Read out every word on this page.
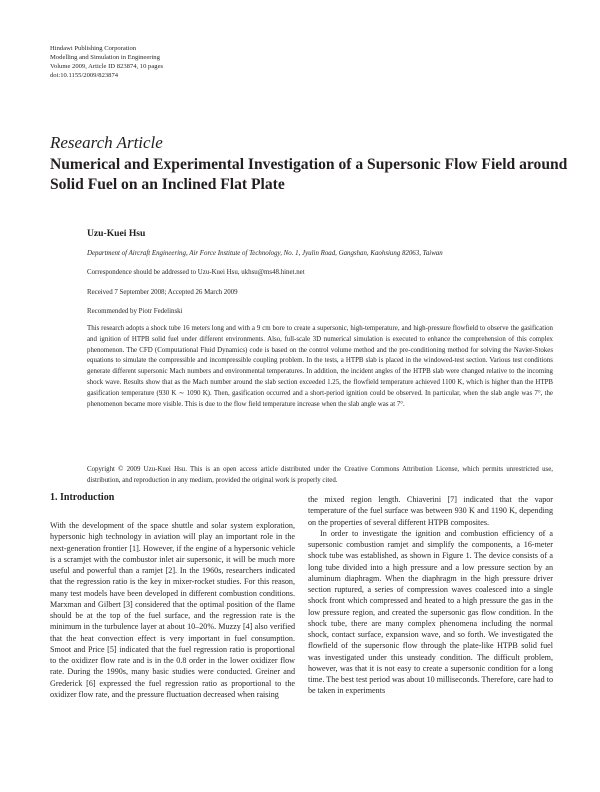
Hindawi Publishing Corporation
Modelling and Simulation in Engineering
Volume 2009, Article ID 823874, 10 pages
doi:10.1155/2009/823874
Research Article
Numerical and Experimental Investigation of a Supersonic Flow Field around Solid Fuel on an Inclined Flat Plate
Uzu-Kuei Hsu
Department of Aircraft Engineering, Air Force Institute of Technology, No. 1, Jyulin Road, Gangshan, Kaohsiung 82063, Taiwan
Correspondence should be addressed to Uzu-Kuei Hsu, ukhsu@ms48.hinet.net
Received 7 September 2008; Accepted 26 March 2009
Recommended by Piotr Fedelinski
This research adopts a shock tube 16 meters long and with a 9 cm bore to create a supersonic, high-temperature, and high-pressure flowfield to observe the gasification and ignition of HTPB solid fuel under different environments. Also, full-scale 3D numerical simulation is executed to enhance the comprehension of this complex phenomenon. The CFD (Computational Fluid Dynamics) code is based on the control volume method and the pre-conditioning method for solving the Navier-Stokes equations to simulate the compressible and incompressible coupling problem. In the tests, a HTPB slab is placed in the windowed-test section. Various test conditions generate different supersonic Mach numbers and environmental temperatures. In addition, the incident angles of the HTPB slab were changed relative to the incoming shock wave. Results show that as the Mach number around the slab section exceeded 1.25, the flowfield temperature achieved 1100 K, which is higher than the HTPB gasification temperature (930 K ∼ 1090 K). Then, gasification occurred and a short-period ignition could be observed. In particular, when the slab angle was 7°, the phenomenon became more visible. This is due to the flow field temperature increase when the slab angle was at 7°.
Copyright © 2009 Uzu-Kuei Hsu. This is an open access article distributed under the Creative Commons Attribution License, which permits unrestricted use, distribution, and reproduction in any medium, provided the original work is properly cited.
1. Introduction

With the development of the space shuttle and solar system exploration, hypersonic high technology in aviation will play an important role in the next-generation frontier [1]. However, if the engine of a hypersonic vehicle is a scramjet with the combustor inlet air supersonic, it will be much more useful and powerful than a ramjet [2]. In the 1960s, researchers indicated that the regression ratio is the key in mixer-rocket studies. For this reason, many test models have been developed in different combustion conditions. Marxman and Gilbert [3] considered that the optimal position of the flame should be at the top of the fuel surface, and the regression rate is the minimum in the turbulence layer at about 10–20%. Muzzy [4] also verified that the heat convection effect is very important in fuel consumption. Smoot and Price [5] indicated that the fuel regression ratio is proportional to the oxidizer flow rate and is in the 0.8 order in the lower oxidizer flow rate. During the 1990s, many basic studies were conducted. Greiner and Grederick [6] expressed the fuel regression ratio as proportional to the oxidizer flow rate, and the pressure fluctuation decreased when raising

the mixed region length. Chiaverini [7] indicated that the vapor temperature of the fuel surface was between 930 K and 1190 K, depending on the properties of several different HTPB composites.

In order to investigate the ignition and combustion efficiency of a supersonic combustion ramjet and simplify the components, a 16-meter shock tube was established, as shown in Figure 1. The device consists of a long tube divided into a high pressure and a low pressure section by an aluminum diaphragm. When the diaphragm in the high pressure driver section ruptured, a series of compression waves coalesced into a single shock front which compressed and heated to a high pressure the gas in the low pressure region, and created the supersonic gas flow condition. In the shock tube, there are many complex phenomena including the normal shock, contact surface, expansion wave, and so forth. We investigated the flowfield of the supersonic flow through the plate-like HTPB solid fuel was investigated under this unsteady condition. The difficult problem, however, was that it is not easy to create a supersonic condition for a long time. The best test period was about 10 milliseconds. Therefore, care had to be taken in experiments
